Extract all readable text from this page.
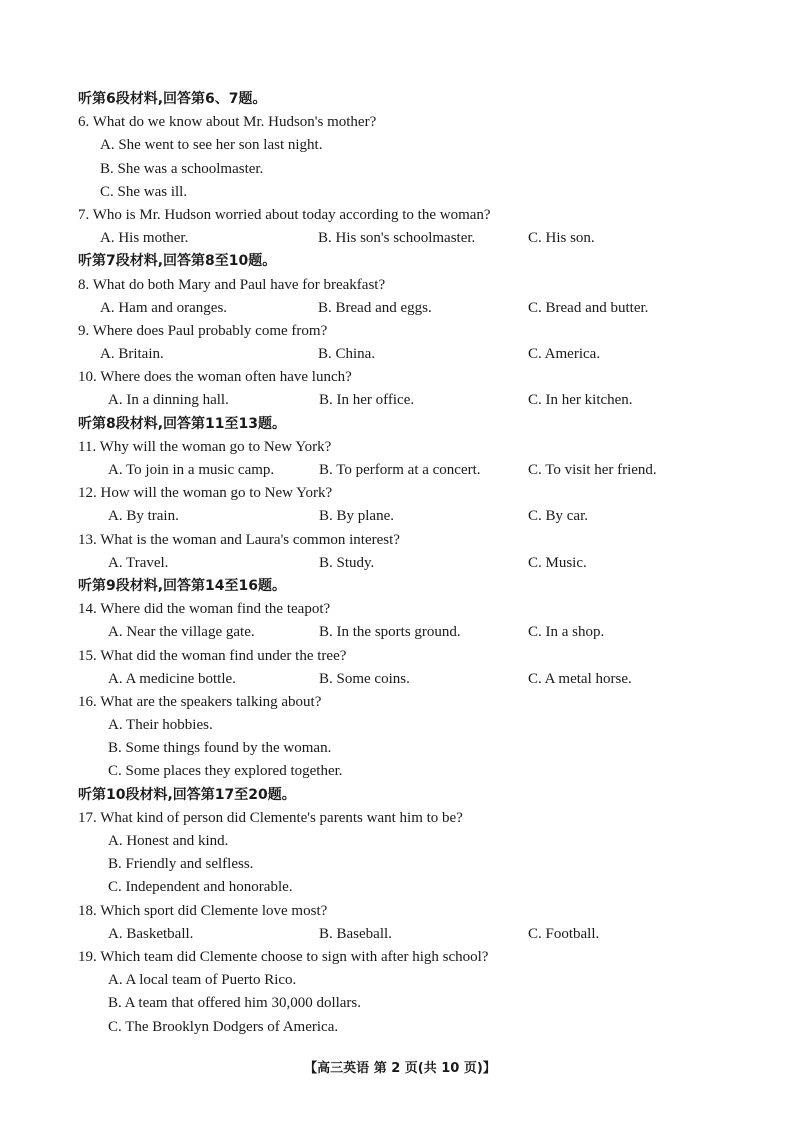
听第6段材料,回答第6、7题。
6. What do we know about Mr. Hudson's mother?
A. She went to see her son last night.
B. She was a schoolmaster.
C. She was ill.
7. Who is Mr. Hudson worried about today according to the woman?
A. His mother.	B. His son's schoolmaster.	C. His son.
听第7段材料,回答第8至10题。
8. What do both Mary and Paul have for breakfast?
A. Ham and oranges.	B. Bread and eggs.	C. Bread and butter.
9. Where does Paul probably come from?
A. Britain.	B. China.	C. America.
10. Where does the woman often have lunch?
A. In a dinning hall.	B. In her office.	C. In her kitchen.
听第8段材料,回答第11至13题。
11. Why will the woman go to New York?
A. To join in a music camp.	B. To perform at a concert.	C. To visit her friend.
12. How will the woman go to New York?
A. By train.	B. By plane.	C. By car.
13. What is the woman and Laura's common interest?
A. Travel.	B. Study.	C. Music.
听第9段材料,回答第14至16题。
14. Where did the woman find the teapot?
A. Near the village gate.	B. In the sports ground.	C. In a shop.
15. What did the woman find under the tree?
A. A medicine bottle.	B. Some coins.	C. A metal horse.
16. What are the speakers talking about?
A. Their hobbies.
B. Some things found by the woman.
C. Some places they explored together.
听第10段材料,回答第17至20题。
17. What kind of person did Clemente's parents want him to be?
A. Honest and kind.
B. Friendly and selfless.
C. Independent and honorable.
18. Which sport did Clemente love most?
A. Basketball.	B. Baseball.	C. Football.
19. Which team did Clemente choose to sign with after high school?
A. A local team of Puerto Rico.
B. A team that offered him 30,000 dollars.
C. The Brooklyn Dodgers of America.
【高三英语 第 2 页(共 10 页)】
